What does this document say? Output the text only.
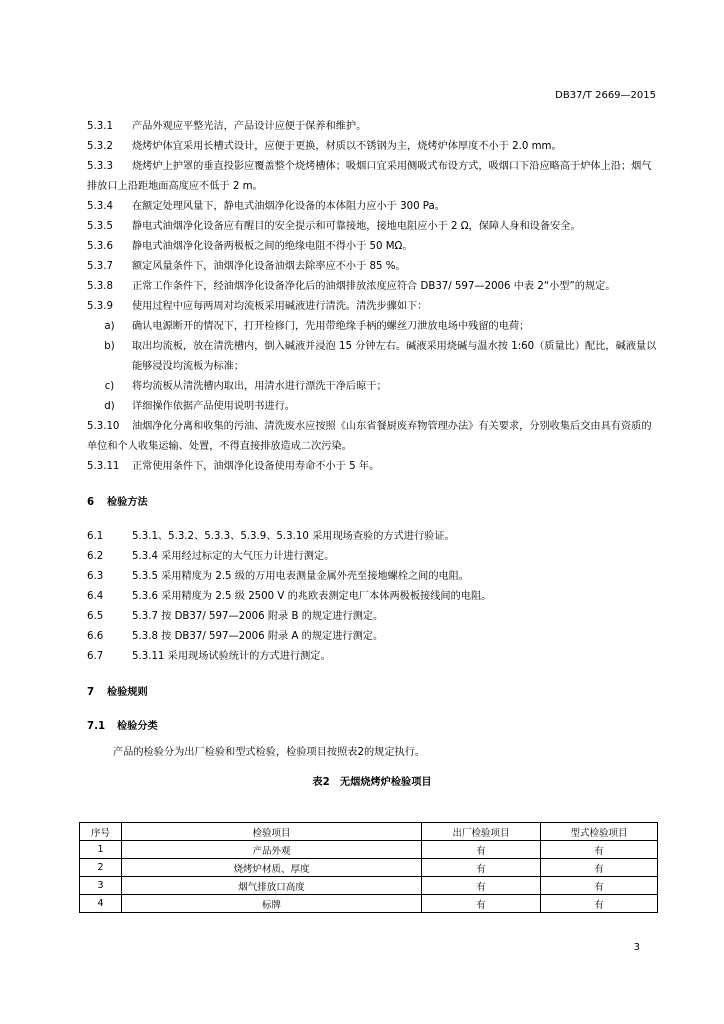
DB37/T 2669—2015

5.3.1 产品外观应平整光洁，产品设计应便于保养和维护。

5.3.2 烧烤炉体宜采用长槽式设计，应便于更换，材质以不锈钢为主，烧烤炉体厚度不小于 2.0 mm。

5.3.3 烧烤炉上护罩的垂直投影应覆盖整个烧烤槽体；吸烟口宜采用侧吸式布设方式，吸烟口下沿应略高于炉体上沿；烟气排放口上沿距地面高度应不低于 2 m。

5.3.4 在额定处理风量下，静电式油烟净化设备的本体阻力应小于 300 Pa。

5.3.5 静电式油烟净化设备应有醒目的安全提示和可靠接地，接地电阻应小于 2 Ω，保障人身和设备安全。

5.3.6 静电式油烟净化设备两极板之间的绝缘电阻不得小于 50 MΩ。

5.3.7 额定风量条件下，油烟净化设备油烟去除率应不小于 85 %。

5.3.8 正常工作条件下，经油烟净化设备净化后的油烟排放浓度应符合 DB37/ 597—2006 中表 2“小型”的规定。

5.3.9 使用过程中应每两周对均流板采用碱液进行清洗。清洗步骤如下：

a)	确认电源断开的情况下，打开检修门，先用带绝缘手柄的螺丝刀泄放电场中残留的电荷；
b)	取出均流板，放在清洗槽内，倒入碱液并浸泡 15 分钟左右。碱液采用烧碱与温水按 1:60（质量比）配比，碱液量以能够浸没均流板为标准；
c)	将均流板从清洗槽内取出，用清水进行漂洗干净后晾干；
d)	详细操作依据产品使用说明书进行。

5.3.10 油烟净化分离和收集的污油、清洗废水应按照《山东省餐厨废弃物管理办法》有关要求，分别收集后交由具有资质的单位和个人收集运输、处置，不得直接排放造成二次污染。

5.3.11 正常使用条件下，油烟净化设备使用寿命不小于 5 年。

6 检验方法

6.1	5.3.1、5.3.2、5.3.3、5.3.9、5.3.10 采用现场查验的方式进行验证。

6.2	5.3.4 采用经过标定的大气压力计进行测定。

6.3	5.3.5 采用精度为 2.5 级的万用电表测量金属外壳至接地螺栓之间的电阻。

6.4	5.3.6 采用精度为 2.5 级 2500 V 的兆欧表测定电厂本体两极板接线间的电阻。

6.5	5.3.7 按 DB37/ 597—2006 附录 B 的规定进行测定。

6.6	5.3.8 按 DB37/ 597—2006 附录 A 的规定进行测定。

6.7	5.3.11 采用现场试验统计的方式进行测定。

7 检验规则

7.1 检验分类

产品的检验分为出厂检验和型式检验，检验项目按照表2的规定执行。

表2　无烟烧烤炉检验项目

序号	检验项目	出厂检验项目	型式检验项目
1	产品外观	有	有
2	烧烤炉材质、厚度	有	有
3	烟气排放口高度	有	有
4	标牌	有	有
3
